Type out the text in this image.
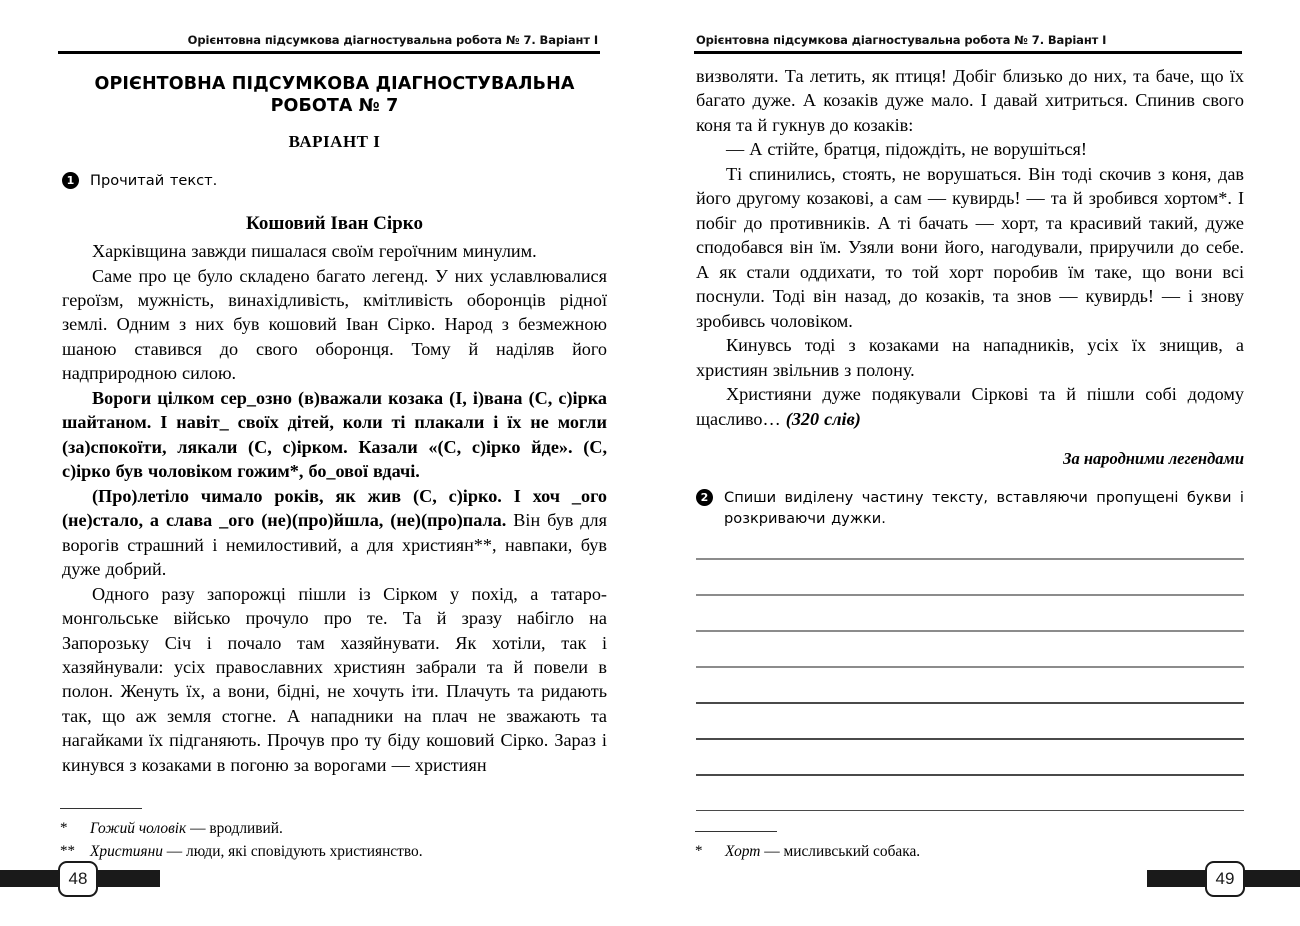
Орієнтовна підсумкова діагностувальна робота № 7. Варіант I
ОРІЄНТОВНА ПІДСУМКОВА ДІАГНОСТУВАЛЬНА РОБОТА № 7
ВАРІАНТ I
1	Прочитай текст.
Кошовий Іван Сірко

Харківщина завжди пишалася своїм героїчним минулим.

Саме про це було складено багато легенд. У них уславлювалися героїзм, мужність, винахідливість, кмітливість оборонців рідної землі. Одним з них був кошовий Іван Сірко. Народ з безмежною шаною ставився до свого оборонця. Тому й наділяв його надприродною силою.

Вороги цілком сер_озно (в)важали козака (І, і)вана (С, с)ірка шайтаном. І навіт_ своїх дітей, коли ті плакали і їх не могли (за)спокоїти, лякали (С, с)ірком. Казали «(С, с)ірко йде». (С, с)ірко був чоловіком гожим*, бо_ової вдачі.

(Про)летіло чимало років, як жив (С, с)ірко. І хоч _ого (не)стало, а слава _ого (не)(про)йшла, (не)(про)пала. Він був для ворогів страшний і немилостивий, а для християн**, навпаки, був дуже добрий.

Одного разу запорожці пішли із Сірком у похід, а татаро-монгольське військо прочуло про те. Та й зразу набігло на Запорозьку Січ і почало там хазяйнувати. Як хотіли, так і хазяйнували: усіх православних християн забрали та й повели в полон. Женуть їх, а вони, бідні, не хочуть іти. Плачуть та ридають так, що аж земля стогне. А нападники на плач не зважають та нагайками їх підганяють. Прочув про ту біду кошовий Сірко. Зараз і кинувся з козаками в погоню за ворогами — християн

*	Гожий чоловік — вродливий.
** Християни — люди, які сповідують християнство.
Орієнтовна підсумкова діагностувальна робота № 7. Варіант I

визволяти. Та летить, як птиця! Добіг близько до них, та баче, що їх багато дуже. А козаків дуже мало. І давай хитриться. Спинив свого коня та й гукнув до козаків:

— А стійте, братця, підождіть, не ворушіться!

Ті спинились, стоять, не ворушаться. Він тоді скочив з коня, дав його другому козакові, а сам — кувирдь! — та й зробився хортом*. І побіг до противників. А ті бачать — хорт, та красивий такий, дуже сподобався він їм. Узяли вони його, нагодували, приручили до себе. А як стали оддихати, то той хорт поробив їм таке, що вони всі поснули. Тоді він назад, до козаків, та знов — кувирдь! — і знову зробивсь чоловіком.

Кинувсь тоді з козаками на нападників, усіх їх знищив, а християн звільнив з полону.

Християни дуже подякували Сіркові та й пішли собі додому щасливо… (320 слів)

За народними легендами

2	Спиши виділену частину тексту, вставляючи пропущені букви і розкриваючи дужки.
*	Хорт — мисливський собака.
48	49
